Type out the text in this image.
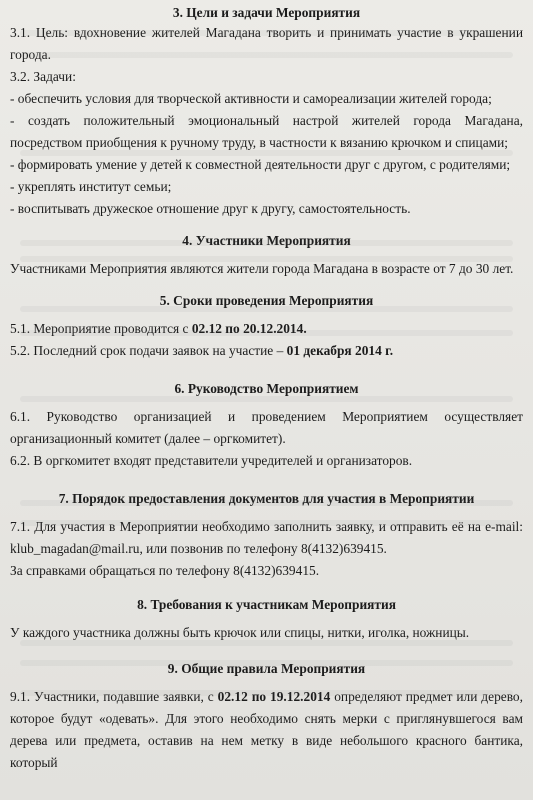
3. Цели и задачи Мероприятия

3.1. Цель: вдохновение жителей Магадана творить и принимать участие в украшении города.

3.2. Задачи:

- обеспечить условия для творческой активности и самореализации жителей города;

- создать положительный эмоциональный настрой жителей города Магадана, посредством приобщения к ручному труду, в частности к вязанию крючком и спицами;

- формировать умение у детей к совместной деятельности друг с другом, с родителями;

- укреплять институт семьи;

- воспитывать дружеское отношение друг к другу, самостоятельность.

4. Участники Мероприятия

Участниками Мероприятия являются жители города Магадана в возрасте от 7 до 30 лет.

5. Сроки проведения Мероприятия

5.1. Мероприятие проводится с 02.12 по 20.12.2014.

5.2. Последний срок подачи заявок на участие – 01 декабря 2014 г.

6. Руководство Мероприятием

6.1. Руководство организацией и проведением Мероприятием осуществляет организационный комитет (далее – оргкомитет).

6.2. В оргкомитет входят представители учредителей и организаторов.

7. Порядок предоставления документов для участия в Мероприятии

7.1. Для участия в Мероприятии необходимо заполнить заявку, и отправить её на e-mail: klub_magadan@mail.ru, или позвонив по телефону 8(4132)639415.

За справками обращаться по телефону 8(4132)639415.

8. Требования к участникам Мероприятия

У каждого участника должны быть крючок или спицы, нитки, иголка, ножницы.

9. Общие правила Мероприятия

9.1. Участники, подавшие заявки, с 02.12 по 19.12.2014 определяют предмет или дерево, которое будут «одевать». Для этого необходимо снять мерки с приглянувшегося вам дерева или предмета, оставив на нем метку в виде небольшого красного бантика, который
